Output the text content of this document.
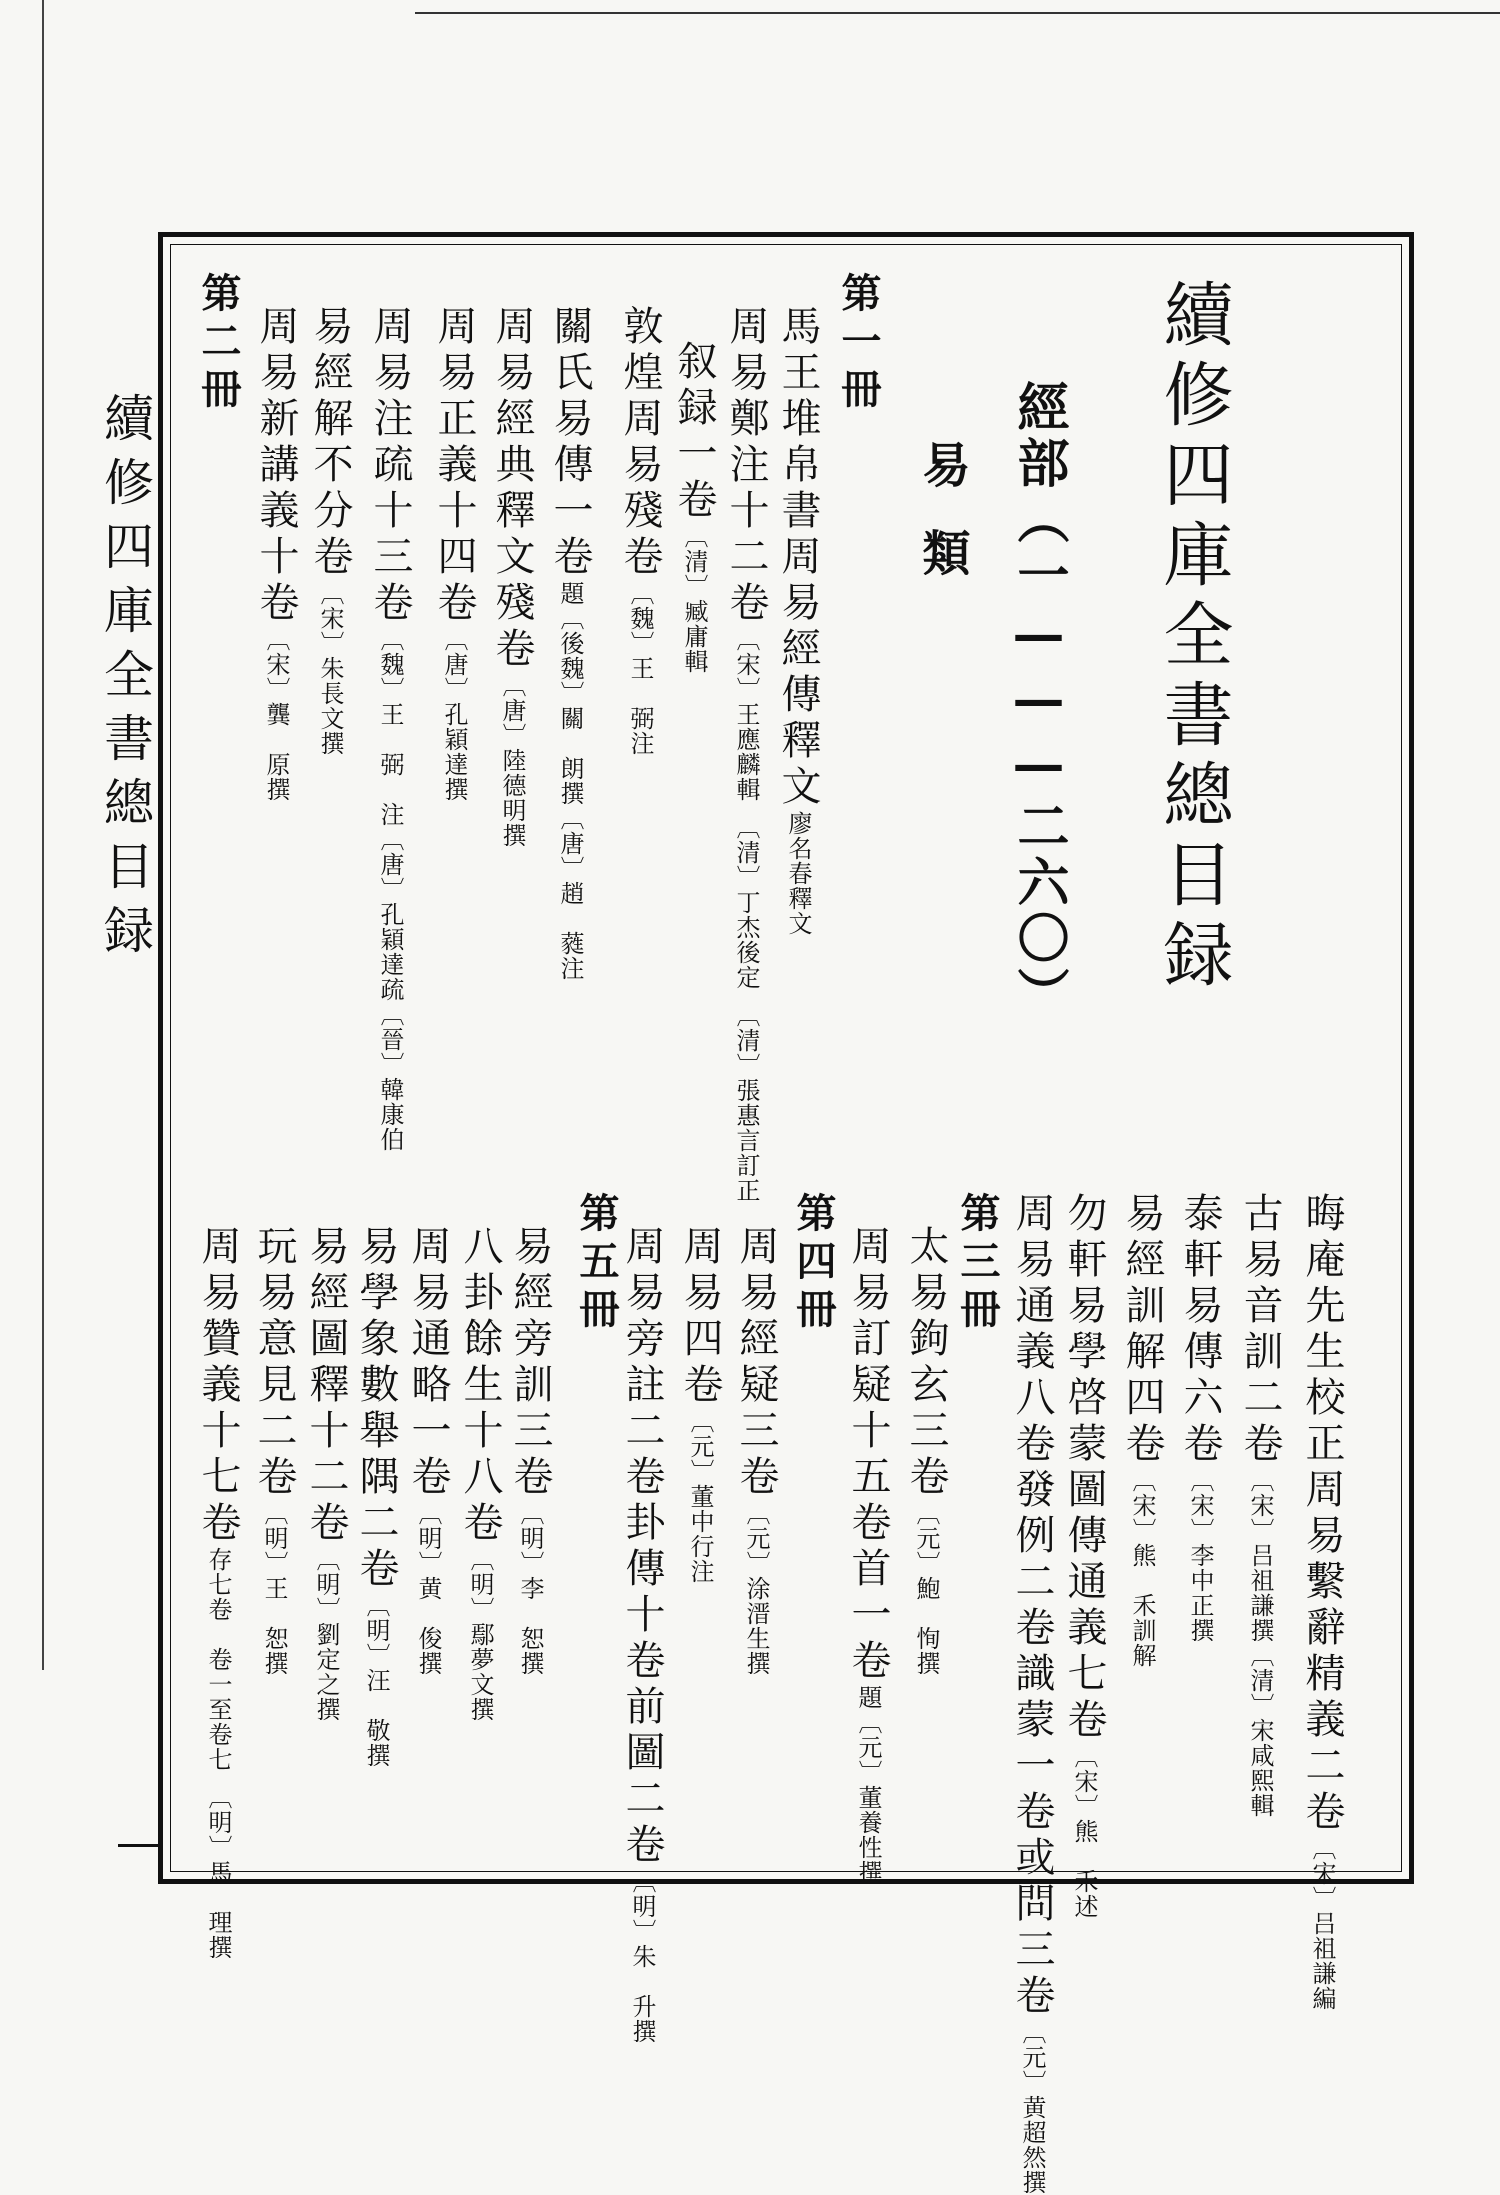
續修四庫全書總目録	續修四庫全書總目録
經部（一———二六〇）
易類
第一冊
第二冊
第三冊
第四冊
第五冊
馬王堆帛書周易經傳釋文廖名春釋文
周易鄭注十二卷〔宋〕王應麟輯　〔清〕丁杰後定　〔清〕張惠言訂正
叙録一卷〔清〕臧庸輯
敦煌周易殘卷〔魏〕王　弼注
關氏易傳一卷題〔後魏〕關　朗撰〔唐〕趙　蕤注
周易經典釋文殘卷〔唐〕陸德明撰
周易正義十四卷〔唐〕孔穎達撰
周易注疏十三卷〔魏〕王　弼　注〔唐〕孔穎達疏〔晉〕韓康伯
易經解不分卷〔宋〕朱長文撰
周易新講義十卷〔宋〕龔　原撰
晦庵先生校正周易繫辭精義二卷〔宋〕吕祖謙編
古易音訓二卷〔宋〕吕祖謙撰〔清〕宋咸熙輯
泰軒易傳六卷〔宋〕李中正撰
易經訓解四卷〔宋〕熊　禾訓解
勿軒易學啓蒙圖傳通義七卷〔宋〕熊　禾述
周易通義八卷發例二卷識蒙一卷或問三卷〔元〕黄超然撰
太易鉤玄三卷〔元〕鮑　恂撰
周易訂疑十五卷首一卷題〔元〕董養性撰
周易經疑三卷〔元〕涂溍生撰
周易四卷〔元〕董中行注
周易旁註二卷卦傳十卷前圖二卷〔明〕朱　升撰
易經旁訓三卷〔明〕李　恕撰
八卦餘生十八卷〔明〕鄢夢文撰
周易通略一卷〔明〕黄　俊撰
易學象數舉隅二卷〔明〕汪　敬撰
易經圖釋十二卷〔明〕劉定之撰
玩易意見二卷〔明〕王　恕撰
周易贊義十七卷存七卷　卷一至卷七　〔明〕馬　理撰
